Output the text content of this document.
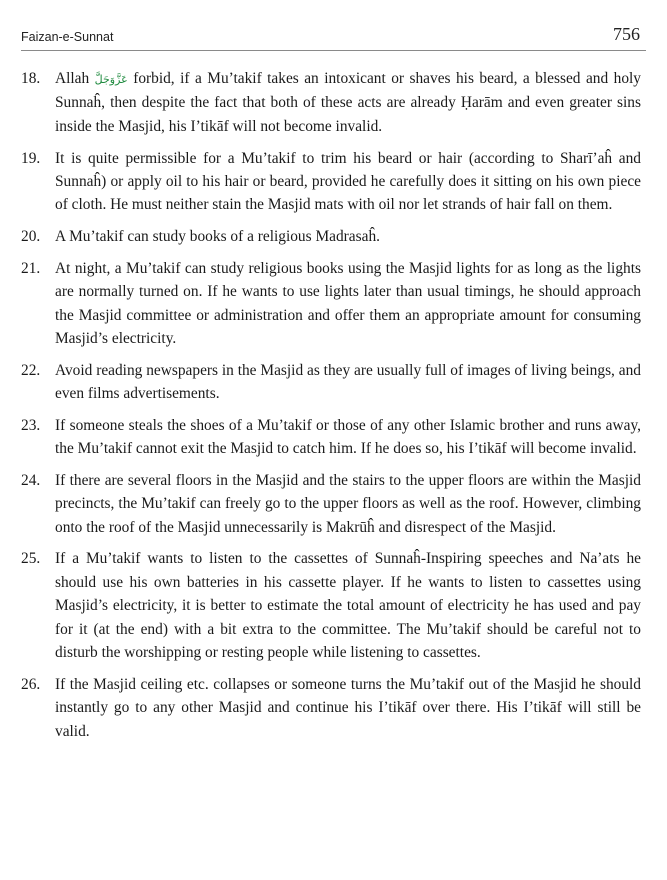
Faizan-e-Sunnat	756
18. Allah عَزَّوَجَلَّ forbid, if a Mu’takif takes an intoxicant or shaves his beard, a blessed and holy Sunnaĥ, then despite the fact that both of these acts are already Ḥarām and even greater sins inside the Masjid, his I’tikāf will not become invalid.
19. It is quite permissible for a Mu’takif to trim his beard or hair (according to Sharī’aĥ and Sunnaĥ) or apply oil to his hair or beard, provided he carefully does it sitting on his own piece of cloth. He must neither stain the Masjid mats with oil nor let strands of hair fall on them.
20. A Mu’takif can study books of a religious Madrasaĥ.
21. At night, a Mu’takif can study religious books using the Masjid lights for as long as the lights are normally turned on. If he wants to use lights later than usual timings, he should approach the Masjid committee or administration and offer them an appropriate amount for consuming Masjid’s electricity.
22. Avoid reading newspapers in the Masjid as they are usually full of images of living beings, and even films advertisements.
23. If someone steals the shoes of a Mu’takif or those of any other Islamic brother and runs away, the Mu’takif cannot exit the Masjid to catch him. If he does so, his I’tikāf will become invalid.
24. If there are several floors in the Masjid and the stairs to the upper floors are within the Masjid precincts, the Mu’takif can freely go to the upper floors as well as the roof. However, climbing onto the roof of the Masjid unnecessarily is Makrūĥ and disrespect of the Masjid.
25. If a Mu’takif wants to listen to the cassettes of Sunnaĥ-Inspiring speeches and Na’ats he should use his own batteries in his cassette player. If he wants to listen to cassettes using Masjid’s electricity, it is better to estimate the total amount of electricity he has used and pay for it (at the end) with a bit extra to the committee. The Mu’takif should be careful not to disturb the worshipping or resting people while listening to cassettes.
26. If the Masjid ceiling etc. collapses or someone turns the Mu’takif out of the Masjid he should instantly go to any other Masjid and continue his I’tikāf over there. His I’tikāf will still be valid.
